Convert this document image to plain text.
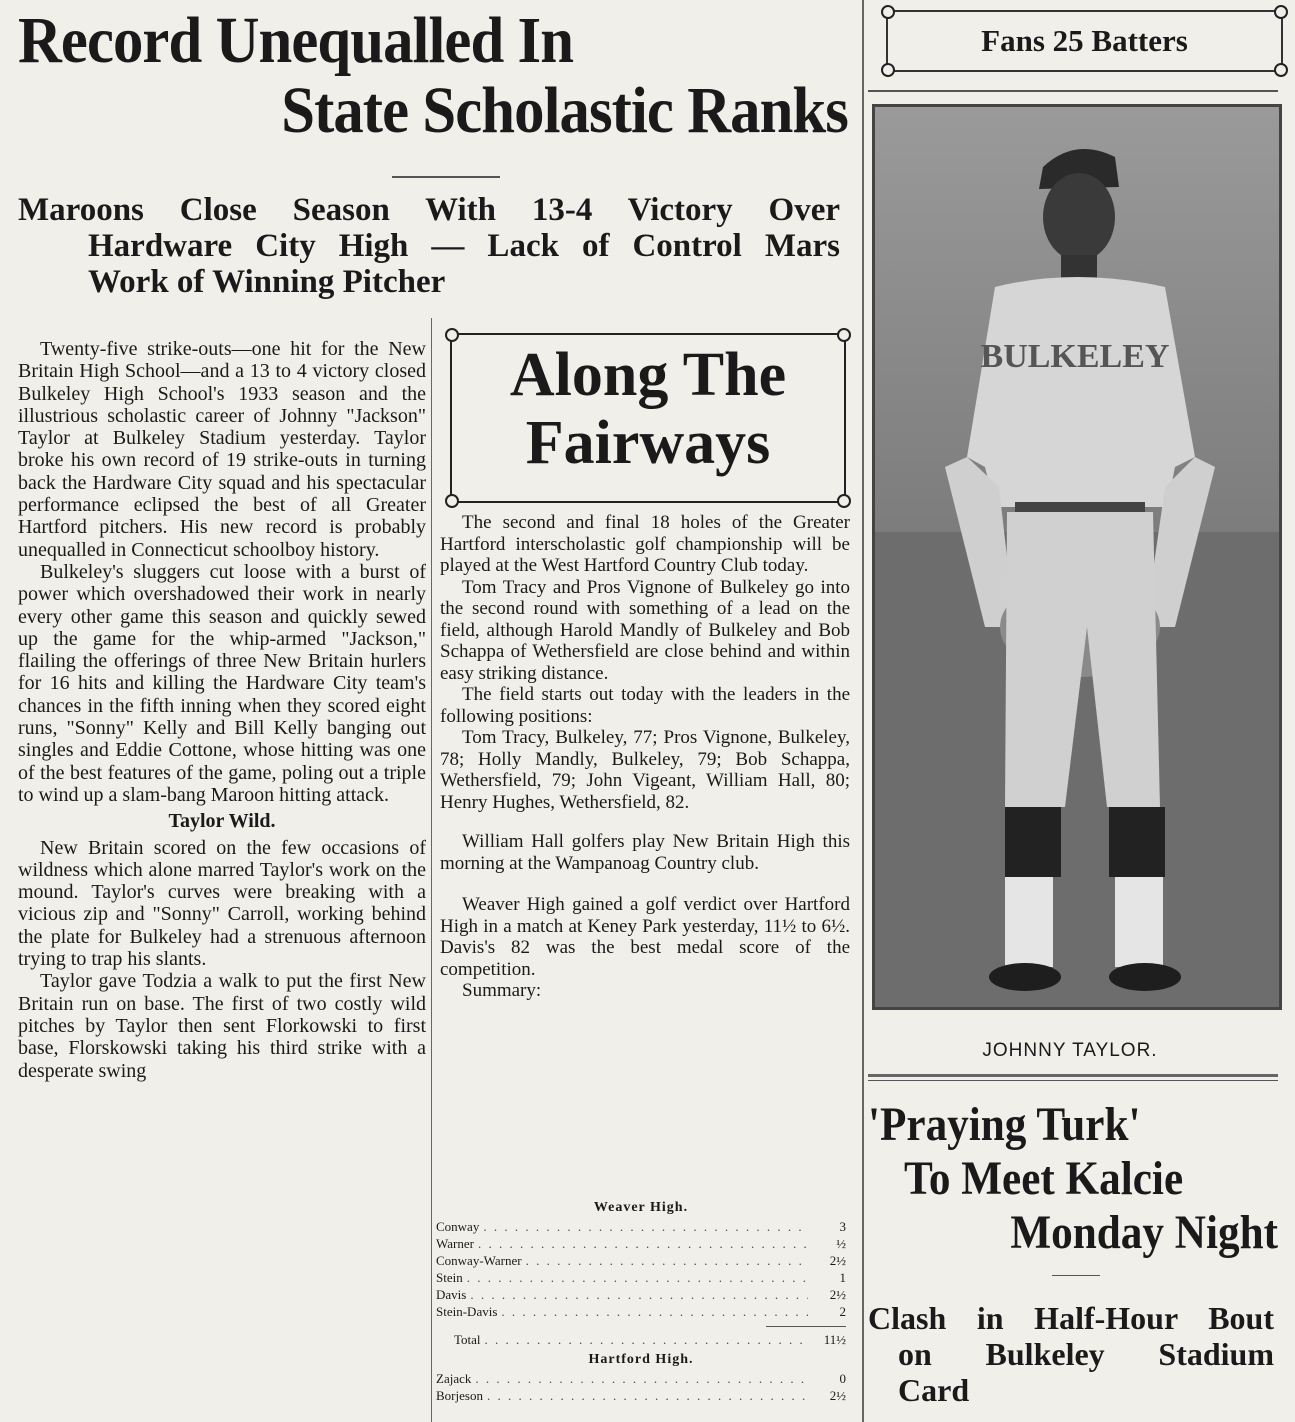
Record Unequalled In
State Scholastic Ranks
Maroons Close Season With 13-4 Victory Over
Hardware City High — Lack of Control Mars
Work of Winning Pitcher

Twenty-five strike-outs—one hit for the New Britain High School—and a 13 to 4 victory closed Bulkeley High School's 1933 season and the illustrious scholastic career of Johnny "Jackson" Taylor at Bulkeley Stadium yesterday. Taylor broke his own record of 19 strike-outs in turning back the Hardware City squad and his spectacular performance eclipsed the best of all Greater Hartford pitchers. His new record is probably unequalled in Connecticut schoolboy history.

Bulkeley's sluggers cut loose with a burst of power which overshadowed their work in nearly every other game this season and quickly sewed up the game for the whip-armed "Jackson," flailing the offerings of three New Britain hurlers for 16 hits and killing the Hardware City team's chances in the fifth inning when they scored eight runs, "Sonny" Kelly and Bill Kelly banging out singles and Eddie Cottone, whose hitting was one of the best features of the game, poling out a triple to wind up a slam-bang Maroon hitting attack.

Taylor Wild.

New Britain scored on the few occasions of wildness which alone marred Taylor's work on the mound. Taylor's curves were breaking with a vicious zip and "Sonny" Carroll, working behind the plate for Bulkeley had a strenuous afternoon trying to trap his slants.

Taylor gave Todzia a walk to put the first New Britain run on base. The first of two costly wild pitches by Taylor then sent Florkowski to first base, Florskowski taking his third strike with a desperate swing

Along The
Fairways

The second and final 18 holes of the Greater Hartford interscholastic golf championship will be played at the West Hartford Country Club today.

Tom Tracy and Pros Vignone of Bulkeley go into the second round with something of a lead on the field, although Harold Mandly of Bulkeley and Bob Schappa of Wethersfield are close behind and within easy striking distance.

The field starts out today with the leaders in the following positions:

Tom Tracy, Bulkeley, 77; Pros Vignone, Bulkeley, 78; Holly Mandly, Bulkeley, 79; Bob Schappa, Wethersfield, 79; John Vigeant, William Hall, 80; Henry Hughes, Wethersfield, 82.

William Hall golfers play New Britain High this morning at the Wampanoag Country club.

Weaver High gained a golf verdict over Hartford High in a match at Keney Park yesterday, 11½ to 6½. Davis's 82 was the best medal score of the competition.

Summary:

Weaver High.
Conway . . .	3
Warner . . .	½
Conway-Warner . . .	2½
Stein . . .	1
Davis . . .	2½
Stein-Davis . . .	2
Total . . .	11½
Hartford High.
Zajack . . .	0
Borjeson . . .	2½
Fans 25 Batters
BULKELEY
JOHNNY TAYLOR.
'Praying Turk'
To Meet Kalcie
Monday Night
Clash in Half-Hour Bout
on Bulkeley Stadium
Card
